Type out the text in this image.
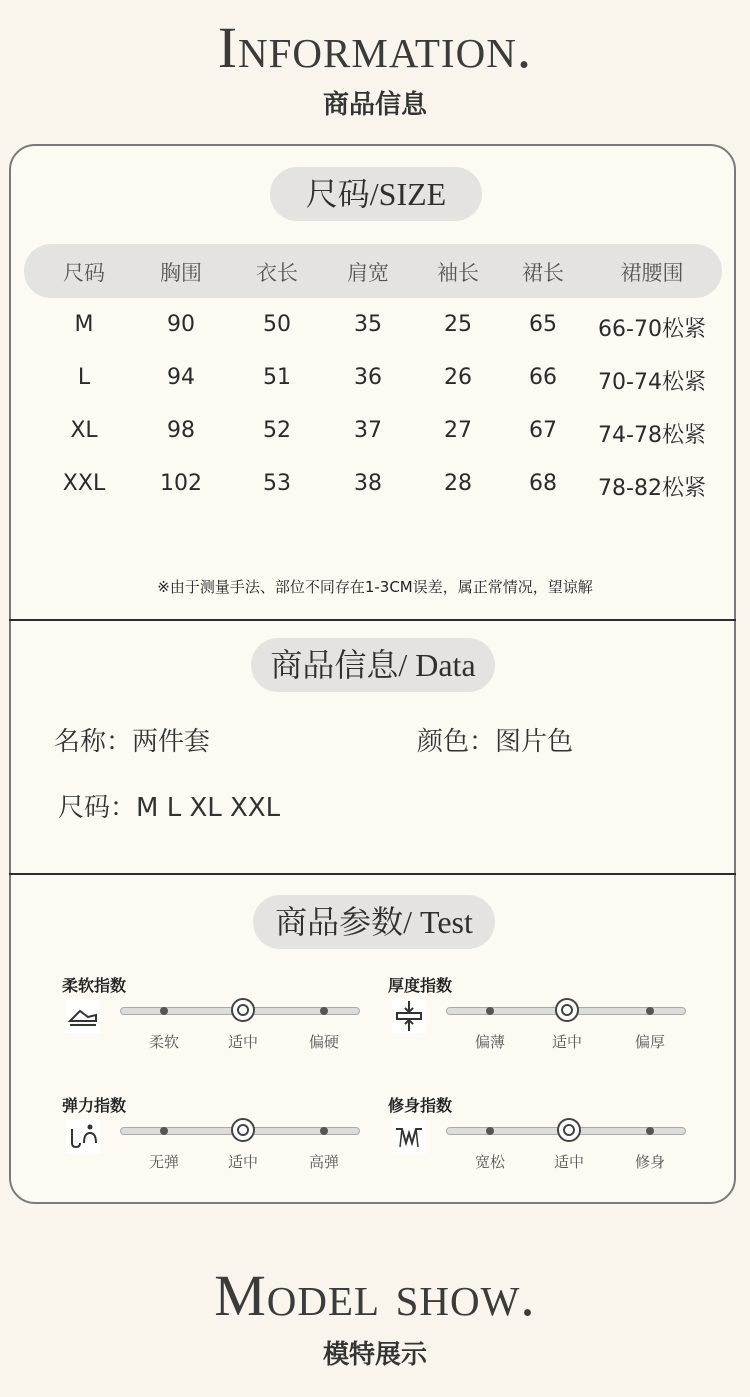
Information.
商品信息
尺码/SIZE
尺码	胸围	衣长	肩宽	袖长	裙长	裙腰围
M	90	50	35	25	65	66-70松紧
L	94	51	36	26	66	70-74松紧
XL	98	52	37	27	67	74-78松紧
XXL	102	53	38	28	68	78-82松紧
※由于测量手法、部位不同存在1-3CM误差，属正常情况，望谅解
商品信息/ Data
名称：两件套	颜色：图片色
尺码：M L XL XXL
商品参数/ Test
柔软指数
柔软	适中	偏硬
厚度指数
偏薄	适中	偏厚
弹力指数
无弹	适中	高弹
修身指数
宽松	适中	修身
Model show.
模特展示
